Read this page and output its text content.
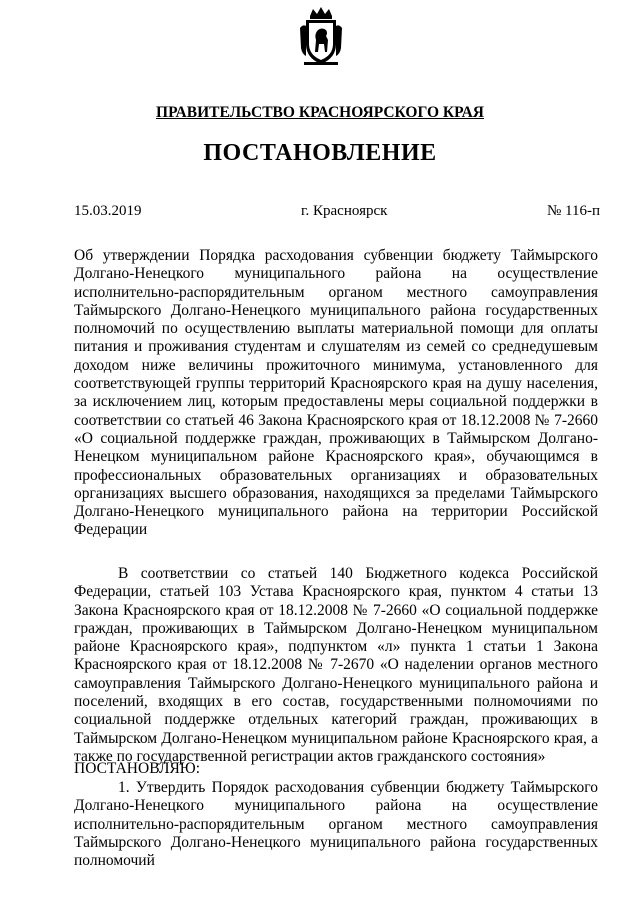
ПРАВИТЕЛЬСТВО КРАСНОЯРСКОГО КРАЯ
ПОСТАНОВЛЕНИЕ
15.03.2019	г. Красноярск	№ 116-п

Об утверждении Порядка расходования субвенции бюджету Таймырского Долгано-Ненецкого муниципального района на осуществление исполнительно-распорядительным органом местного самоуправления Таймырского Долгано-Ненецкого муниципального района государственных полномочий по осуществлению выплаты материальной помощи для оплаты питания и проживания студентам и слушателям из семей со среднедушевым доходом ниже величины прожиточного минимума, установленного для соответствующей группы территорий Красноярского края на душу населения, за исключением лиц, которым предоставлены меры социальной поддержки в соответствии со статьей 46 Закона Красноярского края от 18.12.2008 № 7-2660 «О социальной поддержке граждан, проживающих в Таймырском Долгано-Ненецком муниципальном районе Красноярского края», обучающимся в профессиональных образовательных организациях и образовательных организациях высшего образования, находящихся за пределами Таймырского Долгано-Ненецкого муниципального района на территории Российской Федерации

В соответствии со статьей 140 Бюджетного кодекса Российской Федерации, статьей 103 Устава Красноярского края, пунктом 4 статьи 13 Закона Красноярского края от 18.12.2008 № 7-2660 «О социальной поддержке граждан, проживающих в Таймырском Долгано-Ненецком муниципальном районе Красноярского края», подпунктом «л» пункта 1 статьи 1 Закона Красноярского края от 18.12.2008 № 7-2670 «О наделении органов местного самоуправления Таймырского Долгано-Ненецкого муниципального района и поселений, входящих в его состав, государственными полномочиями по социальной поддержке отдельных категорий граждан, проживающих в Таймырском Долгано-Ненецком муниципальном районе Красноярского края, а также по государственной регистрации актов гражданского состояния»

ПОСТАНОВЛЯЮ:

1. Утвердить Порядок расходования субвенции бюджету Таймырского Долгано-Ненецкого муниципального района на осуществление исполнительно-распорядительным органом местного самоуправления Таймырского Долгано-Ненецкого муниципального района государственных полномочий
